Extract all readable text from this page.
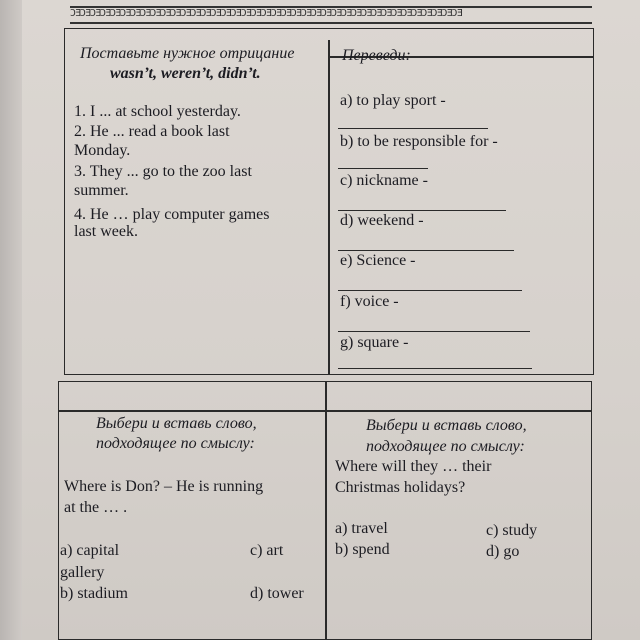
ƆƎƆƎƆƎƆƎƆƎƆƎƆƎƆƎƆƎƆƎƆƎƆƎƆƎƆƎƆƎƆƎƆƎƆƎƆƎƆƎƆƎƆƎƆƎƆƎƆƎƆƎƆƎƆƎƆƎƆƎƆƎƆƎƆƎƆƎƆƎƆƎƆƎƆƎƆƎ
Поставьте нужное отрицание
wasn’t, weren’t, didn’t.
1. I ... at school yesterday.
2. He ... read a book last
Monday.
3. They ... go to the zoo last
summer.
4. He … play computer games
last week.
Переведи:
a) to play sport -
b) to be responsible for -
c) nickname -
d) weekend -
e) Science -
f) voice -
g) square -
Выбери и вставь слово,
подходящее по смыслу:
Where is Don? – He is running
at the … .
a) capital
gallery
b) stadium
c) art
d) tower
Выбери и вставь слово,
подходящее по смыслу:
Where will they … their
Christmas holidays?
a) travel
b) spend
c) study
d) go
